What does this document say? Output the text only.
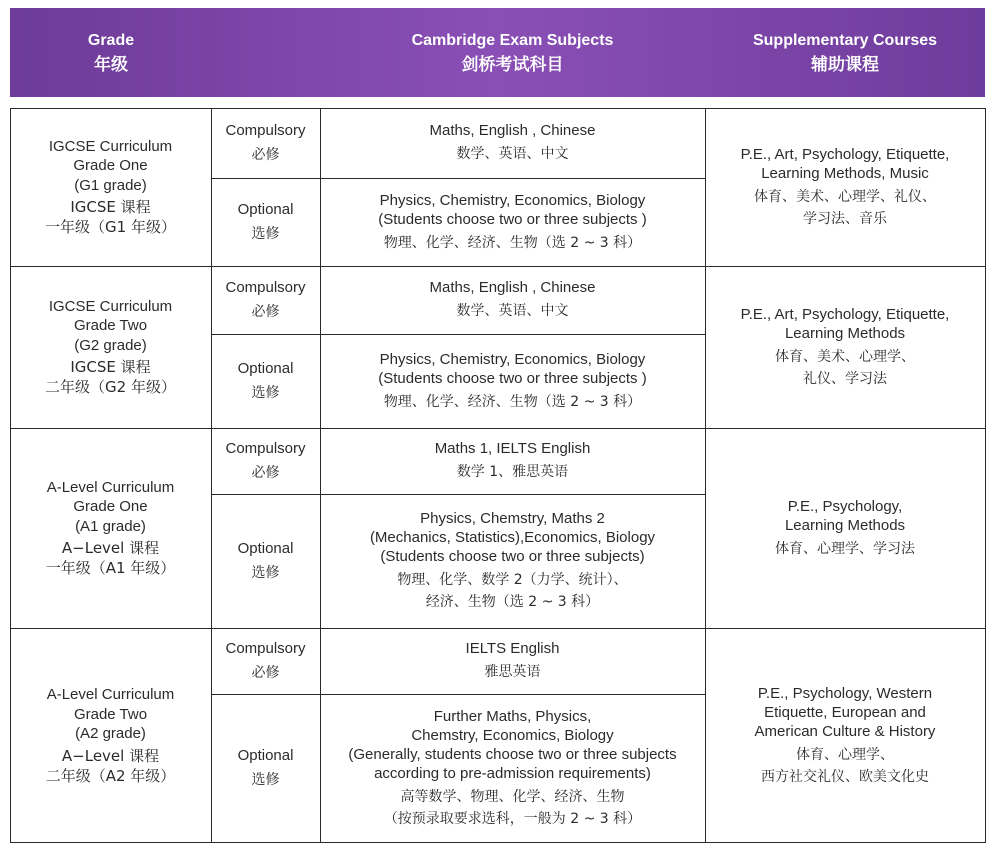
Grade
年级
Cambridge Exam Subjects
剑桥考试科目
Supplementary Courses
辅助课程
IGCSE Curriculum
Grade One
(G1 grade)
IGCSE 课程
一年级（G1 年级）
Compulsory
必修
Maths, English , Chinese
数学、英语、中文
Optional
选修
Physics, Chemistry, Economics, Biology
(Students choose two or three subjects )
物理、化学、经济、生物（选 2 ~ 3 科）
P.E., Art, Psychology, Etiquette,
Learning Methods, Music
体育、美术、心理学、礼仪、
学习法、音乐
IGCSE Curriculum
Grade Two
(G2 grade)
IGCSE 课程
二年级（G2 年级）
Compulsory
必修
Maths, English , Chinese
数学、英语、中文
Optional
选修
Physics, Chemistry, Economics, Biology
(Students choose two or three subjects )
物理、化学、经济、生物（选 2 ~ 3 科）
P.E., Art, Psychology, Etiquette,
Learning Methods
体育、美术、心理学、
礼仪、学习法
A-Level Curriculum
Grade One
(A1 grade)
A−Level 课程
一年级（A1 年级）
Compulsory
必修
Maths 1, IELTS English
数学 1、雅思英语
Optional
选修
Physics, Chemstry, Maths 2
(Mechanics, Statistics),Economics, Biology
(Students choose two or three subjects)
物理、化学、数学 2（力学、统计）、
经济、生物（选 2 ~ 3 科）
P.E., Psychology,
Learning Methods
体育、心理学、学习法
A-Level Curriculum
Grade Two
(A2 grade)
A−Level 课程
二年级（A2 年级）
Compulsory
必修
IELTS English
雅思英语
Optional
选修
Further Maths, Physics,
Chemstry, Economics, Biology
(Generally, students choose two or three subjects
according to pre-admission requirements)
高等数学、物理、化学、经济、生物
（按预录取要求选科，一般为 2 ~ 3 科）
P.E., Psychology, Western
Etiquette, European and
American Culture & History
体育、心理学、
西方社交礼仪、欧美文化史
